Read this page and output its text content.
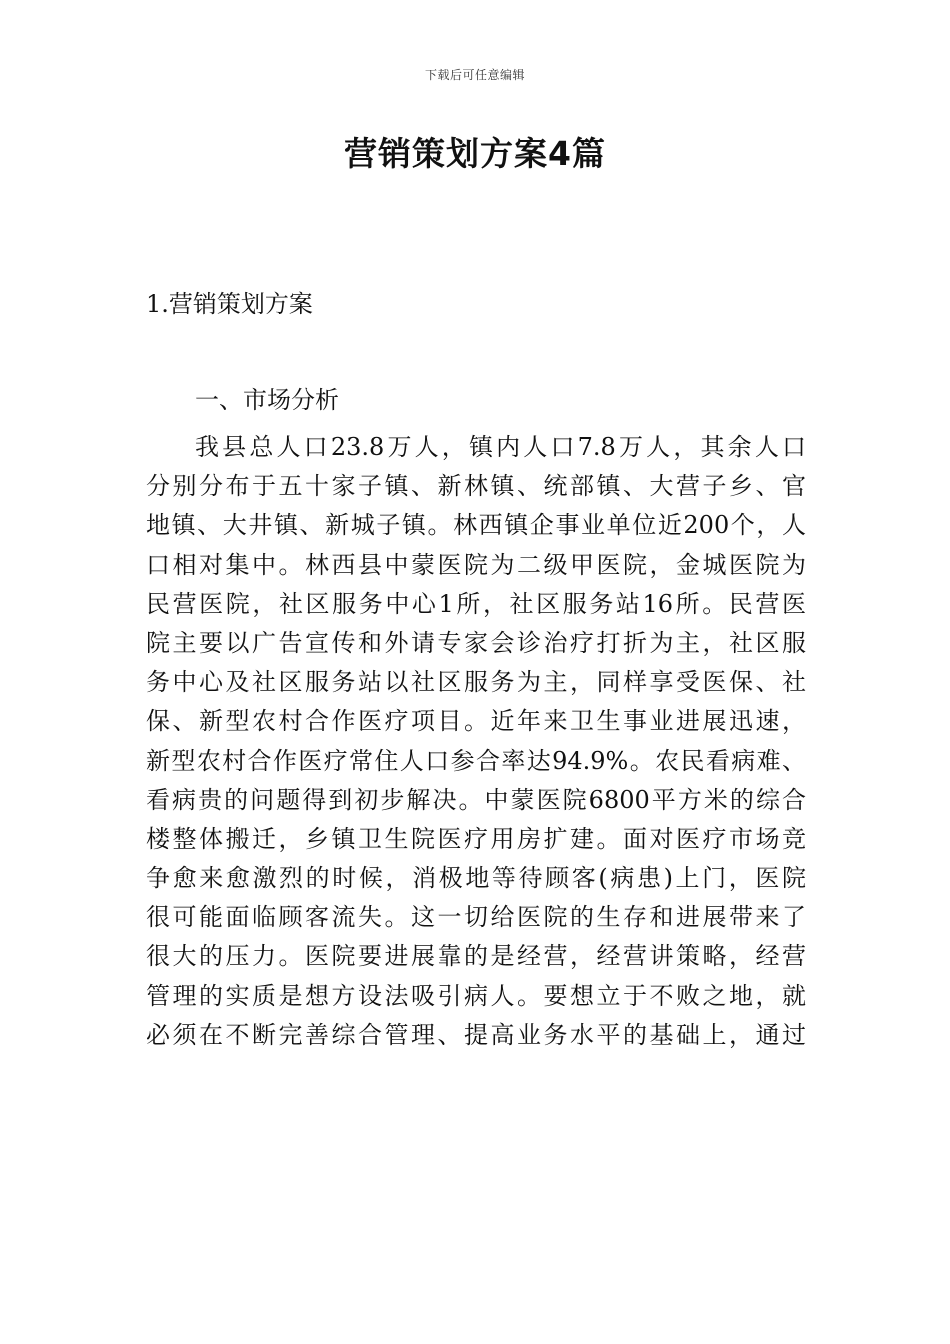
下载后可任意编辑
营销策划方案4篇
1.营销策划方案
一、市场分析
我县总人口23.8万人，镇内人口7.8万人，其余人口
分别分布于五十家子镇、新林镇、统部镇、大营子乡、官
地镇、大井镇、新城子镇。林西镇企事业单位近200个，人
口相对集中。林西县中蒙医院为二级甲医院，金城医院为
民营医院，社区服务中心1所，社区服务站16所。民营医
院主要以广告宣传和外请专家会诊治疗打折为主，社区服
务中心及社区服务站以社区服务为主，同样享受医保、社
保、新型农村合作医疗项目。近年来卫生事业进展迅速，
新型农村合作医疗常住人口参合率达94.9%。农民看病难、
看病贵的问题得到初步解决。中蒙医院6800平方米的综合
楼整体搬迁，乡镇卫生院医疗用房扩建。面对医疗市场竞
争愈来愈激烈的时候，消极地等待顾客(病患)上门，医院
很可能面临顾客流失。这一切给医院的生存和进展带来了
很大的压力。医院要进展靠的是经营，经营讲策略，经营
管理的实质是想方设法吸引病人。要想立于不败之地，就
必须在不断完善综合管理、提高业务水平的基础上，通过
